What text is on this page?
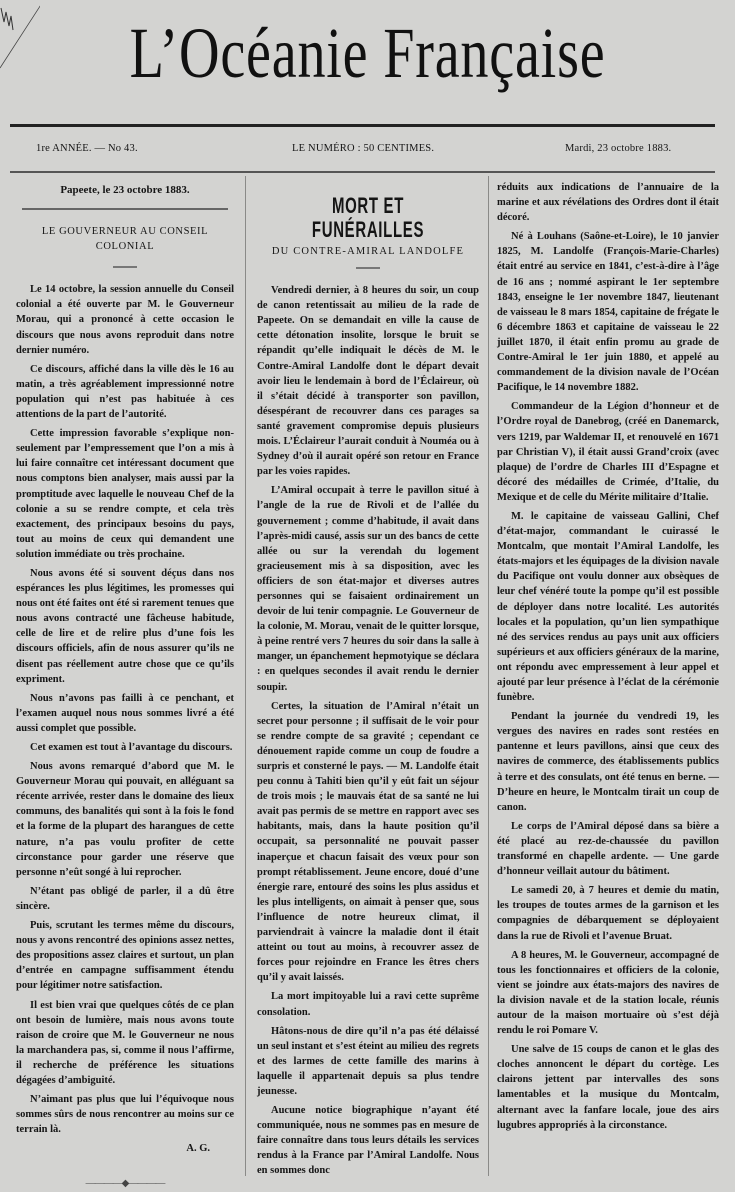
L’Océanie Française
1re ANNÉE. — No 43.	LE NUMÉRO : 50 CENTIMES.	Mardi, 23 octobre 1883.

Papeete, le 23 octobre 1883.

LE GOUVERNEUR AU CONSEIL COLONIAL

Le 14 octobre, la session annuelle du Conseil colonial a été ouverte par M. le Gouverneur Morau, qui a prononcé à cette occasion le discours que nous avons reproduit dans notre dernier numéro.

Ce discours, affiché dans la ville dès le 16 au matin, a très agréablement impressionné notre population qui n’est pas habituée à ces attentions de la part de l’autorité.

Cette impression favorable s’explique non-seulement par l’empressement que l’on a mis à lui faire connaître cet intéressant document que nous comptons bien analyser, mais aussi par la promptitude avec laquelle le nouveau Chef de la colonie a su se rendre compte, et cela très exactement, des principaux besoins du pays, tout au moins de ceux qui demandent une solution immédiate ou très prochaine.

Nous avons été si souvent déçus dans nos espérances les plus légitimes, les promesses qui nous ont été faites ont été si rarement tenues que nous avons contracté une fâcheuse habitude, celle de lire et de relire plus d’une fois les discours officiels, afin de nous assurer qu’ils ne disent pas réellement autre chose que ce qu’ils expriment.

Nous n’avons pas failli à ce penchant, et l’examen auquel nous nous sommes livré a été aussi complet que possible.

Cet examen est tout à l’avantage du discours.

Nous avons remarqué d’abord que M. le Gouverneur Morau qui pouvait, en alléguant sa récente arrivée, rester dans le domaine des lieux communs, des banalités qui sont à la fois le fond et la forme de la plupart des harangues de cette nature, n’a pas voulu profiter de cette circonstance pour garder une réserve que personne n’eût songé à lui reprocher.

N’étant pas obligé de parler, il a dû être sincère.

Puis, scrutant les termes même du discours, nous y avons rencontré des opinions assez nettes, des propositions assez claires et surtout, un plan d’entrée en campagne suffisamment étendu pour légitimer notre satisfaction.

Il est bien vrai que quelques côtés de ce plan ont besoin de lumière, mais nous avons toute raison de croire que M. le Gouverneur ne nous la marchandera pas, si, comme il nous l’affirme, il recherche de préférence les situations dégagées d’ambiguité.

N’aimant pas plus que lui l’équivoque nous sommes sûrs de nous rencontrer au moins sur ce terrain là.

A. G.

————◆————
MORT ET FUNÉRAILLES
DU CONTRE-AMIRAL LANDOLFE

Vendredi dernier, à 8 heures du soir, un coup de canon retentissait au milieu de la rade de Papeete. On se demandait en ville la cause de cette détonation insolite, lorsque le bruit se répandit qu’elle indiquait le décès de M. le Contre-Amiral Landolfe dont le départ devait avoir lieu le lendemain à bord de l’Éclaireur, où il s’était décidé à transporter son pavillon, désespérant de recouvrer dans ces parages sa santé gravement compromise depuis plusieurs mois. L’Éclaireur l’aurait conduit à Nouméa ou à Sydney d’où il aurait opéré son retour en France par les voies rapides.

L’Amiral occupait à terre le pavillon situé à l’angle de la rue de Rivoli et de l’allée du gouvernement ; comme d’habitude, il avait dans l’après-midi causé, assis sur un des bancs de cette allée ou sur la verendah du logement gracieusement mis à sa disposition, avec les officiers de son état-major et diverses autres personnes qui se faisaient ordinairement un devoir de lui tenir compagnie. Le Gouverneur de la colonie, M. Morau, venait de le quitter lorsque, à peine rentré vers 7 heures du soir dans la salle à manger, un épanchement hepmotyique se déclara : en quelques secondes il avait rendu le dernier soupir.

Certes, la situation de l’Amiral n’était un secret pour personne ; il suffisait de le voir pour se rendre compte de sa gravité ; cependant ce dénouement rapide comme un coup de foudre a surpris et consterné le pays. — M. Landolfe était peu connu à Tahiti bien qu’il y eût fait un séjour de trois mois ; le mauvais état de sa santé ne lui avait pas permis de se mettre en rapport avec ses habitants, mais, dans la haute position qu’il occupait, sa personnalité ne pouvait passer inaperçue et chacun faisait des vœux pour son prompt rétablissement. Jeune encore, doué d’une énergie rare, entouré des soins les plus assidus et les plus intelligents, on aimait à penser que, sous l’influence de notre heureux climat, il parviendrait à vaincre la maladie dont il était atteint ou tout au moins, à recouvrer assez de forces pour rejoindre en France les êtres chers qu’il y avait laissés.

La mort impitoyable lui a ravi cette suprême consolation.

Hâtons-nous de dire qu’il n’a pas été délaissé un seul instant et s’est éteint au milieu des regrets et des larmes de cette famille des marins à laquelle il appartenait depuis sa plus tendre jeunesse.

Aucune notice biographique n’ayant été communiquée, nous ne sommes pas en mesure de faire connaître dans tous leurs détails les services rendus à la France par l’Amiral Landolfe. Nous en sommes donc

réduits aux indications de l’annuaire de la marine et aux révélations des Ordres dont il était décoré.

Né à Louhans (Saône-et-Loire), le 10 janvier 1825, M. Landolfe (François-Marie-Charles) était entré au service en 1841, c’est-à-dire à l’âge de 16 ans ; nommé aspirant le 1er septembre 1843, enseigne le 1er novembre 1847, lieutenant de vaisseau le 8 mars 1854, capitaine de frégate le 6 décembre 1863 et capitaine de vaisseau le 22 juillet 1870, il était enfin promu au grade de Contre-Amiral le 1er juin 1880, et appelé au commandement de la division navale de l’Océan Pacifique, le 14 novembre 1882.

Commandeur de la Légion d’honneur et de l’Ordre royal de Danebrog, (créé en Danemarck, vers 1219, par Waldemar II, et renouvelé en 1671 par Christian V), il était aussi Grand’croix (avec plaque) de l’ordre de Charles III d’Espagne et décoré des médailles de Crimée, d’Italie, du Mexique et de celle du Mérite militaire d’Italie.

M. le capitaine de vaisseau Gallini, Chef d’état-major, commandant le cuirassé le Montcalm, que montait l’Amiral Landolfe, les états-majors et les équipages de la division navale du Pacifique ont voulu donner aux obsèques de leur chef vénéré toute la pompe qu’il est possible de déployer dans notre localité. Les autorités locales et la population, qu’un lien sympathique né des services rendus au pays unit aux officiers supérieurs et aux officiers généraux de la marine, ont répondu avec empressement à leur appel et ajouté par leur présence à l’éclat de la cérémonie funèbre.

Pendant la journée du vendredi 19, les vergues des navires en rades sont restées en pantenne et leurs pavillons, ainsi que ceux des navires de commerce, des établissements publics à terre et des consulats, ont été tenus en berne. — D’heure en heure, le Montcalm tirait un coup de canon.

Le corps de l’Amiral déposé dans sa bière a été placé au rez-de-chaussée du pavillon transformé en chapelle ardente. — Une garde d’honneur veillait autour du bâtiment.

Le samedi 20, à 7 heures et demie du matin, les troupes de toutes armes de la garnison et les compagnies de débarquement se déployaient dans la rue de Rivoli et l’avenue Bruat.

A 8 heures, M. le Gouverneur, accompagné de tous les fonctionnaires et officiers de la colonie, vient se joindre aux états-majors des navires de la division navale et de la station locale, réunis autour de la maison mortuaire où s’est déjà rendu le roi Pomare V.

Une salve de 15 coups de canon et le glas des cloches annoncent le départ du cortège. Les clairons jettent par intervalles des sons lamentables et la musique du Montcalm, alternant avec la fanfare locale, joue des airs lugubres appropriés à la circonstance.
